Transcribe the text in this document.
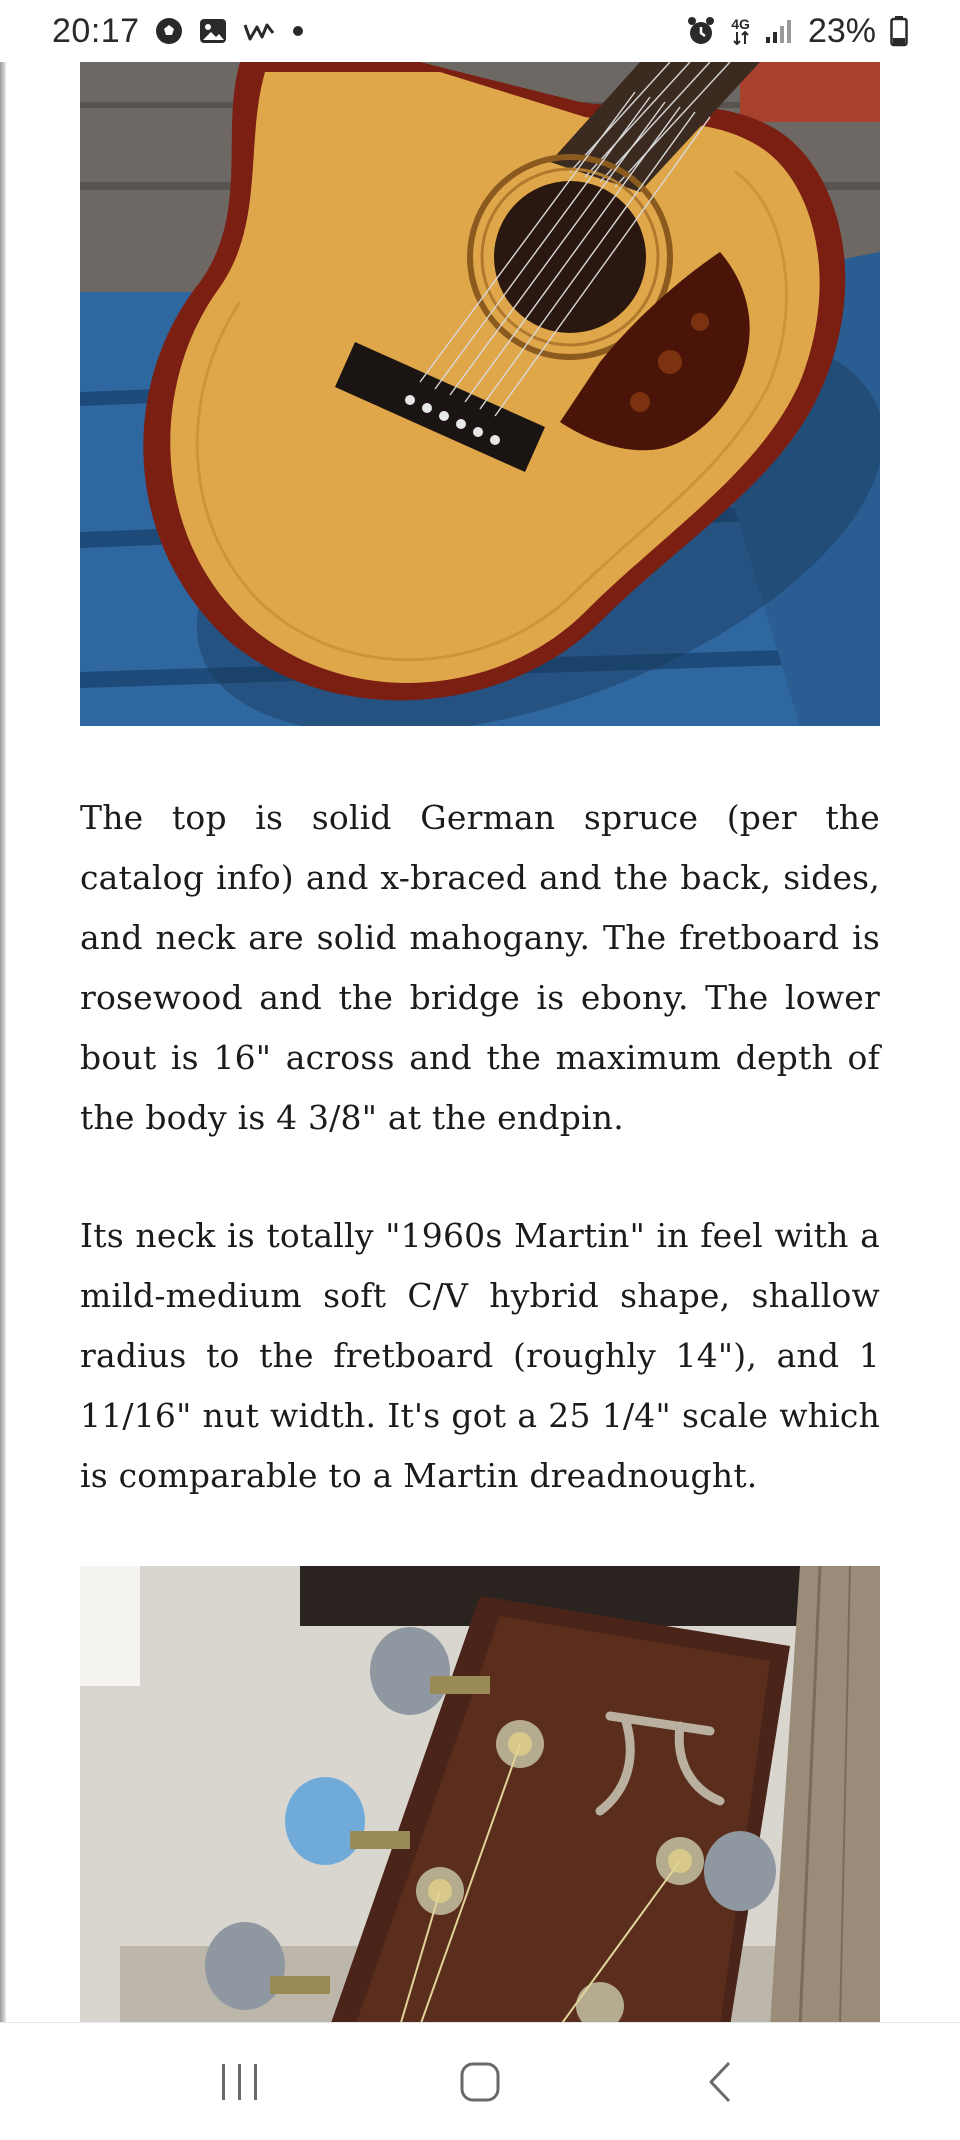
20:17	4G 23%

The top is solid German spruce (per the catalog info) and x-braced and the back, sides, and neck are solid mahogany. The fretboard is rosewood and the bridge is ebony. The lower bout is 16" across and the maximum depth of the body is 4 3/8" at the endpin.

Its neck is totally "1960s Martin" in feel with a mild-medium soft C/V hybrid shape, shallow radius to the fretboard (roughly 14"), and 1 11/16" nut width. It's got a 25 1/4" scale which is comparable to a Martin dreadnought.
